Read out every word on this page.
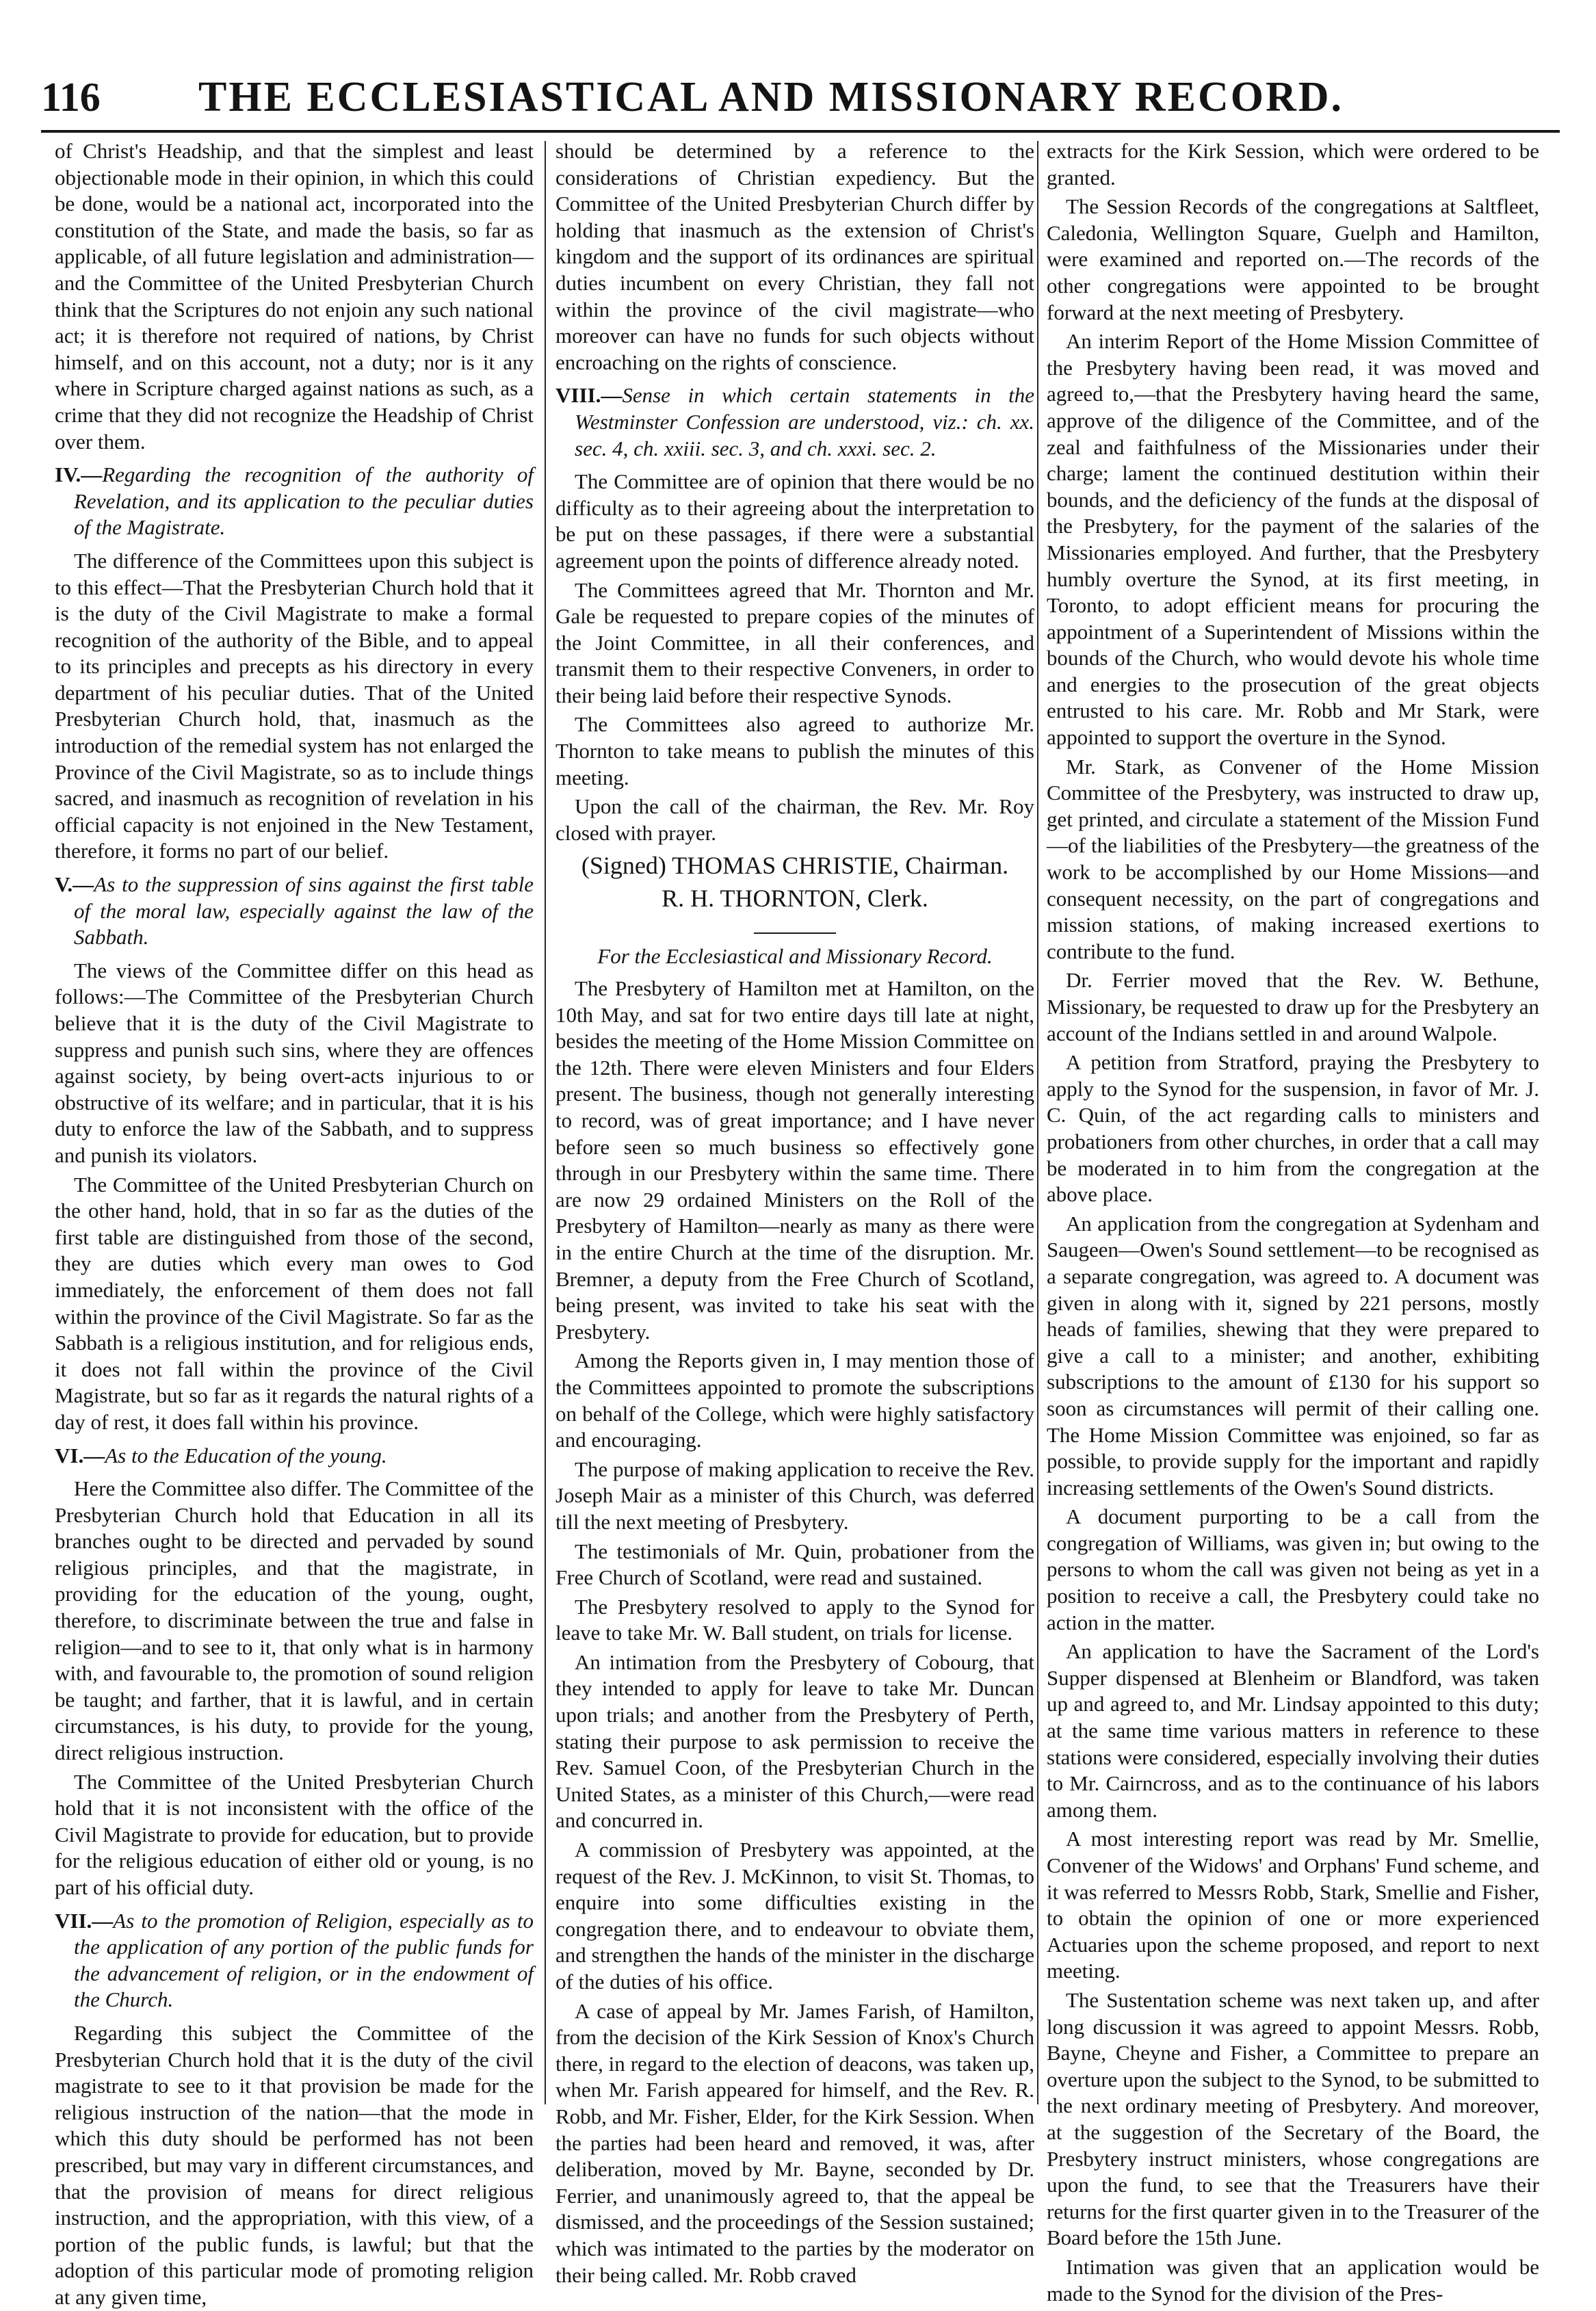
116 THE ECCLESIASTICAL AND MISSIONARY RECORD.

of Christ's Headship, and that the simplest and least objectionable mode in their opinion, in which this could be done, would be a national act, incorporated into the constitution of the State, and made the basis, so far as applicable, of all future legislation and administration—and the Committee of the United Presbyterian Church think that the Scriptures do not enjoin any such national act; it is therefore not required of nations, by Christ himself, and on this account, not a duty; nor is it any where in Scripture charged against nations as such, as a crime that they did not recognize the Headship of Christ over them.

IV.—Regarding the recognition of the authority of Revelation, and its application to the peculiar duties of the Magistrate.

The difference of the Committees upon this subject is to this effect—That the Presbyterian Church hold that it is the duty of the Civil Magistrate to make a formal recognition of the authority of the Bible, and to appeal to its principles and precepts as his directory in every department of his peculiar duties. That of the United Presbyterian Church hold, that, inasmuch as the introduction of the remedial system has not enlarged the Province of the Civil Magistrate, so as to include things sacred, and inasmuch as recognition of revelation in his official capacity is not enjoined in the New Testament, therefore, it forms no part of our belief.

V.—As to the suppression of sins against the first table of the moral law, especially against the law of the Sabbath.

The views of the Committee differ on this head as follows:—The Committee of the Presbyterian Church believe that it is the duty of the Civil Magistrate to suppress and punish such sins, where they are offences against society, by being overt-acts injurious to or obstructive of its welfare; and in particular, that it is his duty to enforce the law of the Sabbath, and to suppress and punish its violators.

The Committee of the United Presbyterian Church on the other hand, hold, that in so far as the duties of the first table are distinguished from those of the second, they are duties which every man owes to God immediately, the enforcement of them does not fall within the province of the Civil Magistrate. So far as the Sabbath is a religious institution, and for religious ends, it does not fall within the province of the Civil Magistrate, but so far as it regards the natural rights of a day of rest, it does fall within his province.

VI.—As to the Education of the young.

Here the Committee also differ. The Committee of the Presbyterian Church hold that Education in all its branches ought to be directed and pervaded by sound religious principles, and that the magistrate, in providing for the education of the young, ought, therefore, to discriminate between the true and false in religion—and to see to it, that only what is in harmony with, and favourable to, the promotion of sound religion be taught; and farther, that it is lawful, and in certain circumstances, is his duty, to provide for the young, direct religious instruction.

The Committee of the United Presbyterian Church hold that it is not inconsistent with the office of the Civil Magistrate to provide for education, but to provide for the religious education of either old or young, is no part of his official duty.

VII.—As to the promotion of Religion, especially as to the application of any portion of the public funds for the advancement of religion, or in the endowment of the Church.

Regarding this subject the Committee of the Presbyterian Church hold that it is the duty of the civil magistrate to see to it that provision be made for the religious instruction of the nation—that the mode in which this duty should be performed has not been prescribed, but may vary in different circumstances, and that the provision of means for direct religious instruction, and the appropriation, with this view, of a portion of the public funds, is lawful; but that the adoption of this particular mode of promoting religion at any given time,

should be determined by a reference to the considerations of Christian expediency. But the Committee of the United Presbyterian Church differ by holding that inasmuch as the extension of Christ's kingdom and the support of its ordinances are spiritual duties incumbent on every Christian, they fall not within the province of the civil magistrate—who moreover can have no funds for such objects without encroaching on the rights of conscience.

VIII.—Sense in which certain statements in the Westminster Confession are understood, viz.: ch. xx. sec. 4, ch. xxiii. sec. 3, and ch. xxxi. sec. 2.

The Committee are of opinion that there would be no difficulty as to their agreeing about the interpretation to be put on these passages, if there were a substantial agreement upon the points of difference already noted.

The Committees agreed that Mr. Thornton and Mr. Gale be requested to prepare copies of the minutes of the Joint Committee, in all their conferences, and transmit them to their respective Conveners, in order to their being laid before their respective Synods.

The Committees also agreed to authorize Mr. Thornton to take means to publish the minutes of this meeting.

Upon the call of the chairman, the Rev. Mr. Roy closed with prayer.

(Signed) THOMAS CHRISTIE, Chairman.

R. H. THORNTON, Clerk.

For the Ecclesiastical and Missionary Record.

The Presbytery of Hamilton met at Hamilton, on the 10th May, and sat for two entire days till late at night, besides the meeting of the Home Mission Committee on the 12th. There were eleven Ministers and four Elders present. The business, though not generally interesting to record, was of great importance; and I have never before seen so much business so effectively gone through in our Presbytery within the same time. There are now 29 ordained Ministers on the Roll of the Presbytery of Hamilton—nearly as many as there were in the entire Church at the time of the disruption. Mr. Bremner, a deputy from the Free Church of Scotland, being present, was invited to take his seat with the Presbytery.

Among the Reports given in, I may mention those of the Committees appointed to promote the subscriptions on behalf of the College, which were highly satisfactory and encouraging.

The purpose of making application to receive the Rev. Joseph Mair as a minister of this Church, was deferred till the next meeting of Presbytery.

The testimonials of Mr. Quin, probationer from the Free Church of Scotland, were read and sustained.

The Presbytery resolved to apply to the Synod for leave to take Mr. W. Ball student, on trials for license.

An intimation from the Presbytery of Cobourg, that they intended to apply for leave to take Mr. Duncan upon trials; and another from the Presbytery of Perth, stating their purpose to ask permission to receive the Rev. Samuel Coon, of the Presbyterian Church in the United States, as a minister of this Church,—were read and concurred in.

A commission of Presbytery was appointed, at the request of the Rev. J. McKinnon, to visit St. Thomas, to enquire into some difficulties existing in the congregation there, and to endeavour to obviate them, and strengthen the hands of the minister in the discharge of the duties of his office.

A case of appeal by Mr. James Farish, of Hamilton, from the decision of the Kirk Session of Knox's Church there, in regard to the election of deacons, was taken up, when Mr. Farish appeared for himself, and the Rev. R. Robb, and Mr. Fisher, Elder, for the Kirk Session. When the parties had been heard and removed, it was, after deliberation, moved by Mr. Bayne, seconded by Dr. Ferrier, and unanimously agreed to, that the appeal be dismissed, and the proceedings of the Session sustained; which was intimated to the parties by the moderator on their being called. Mr. Robb craved

extracts for the Kirk Session, which were ordered to be granted.

The Session Records of the congregations at Saltfleet, Caledonia, Wellington Square, Guelph and Hamilton, were examined and reported on.—The records of the other congregations were appointed to be brought forward at the next meeting of Presbytery.

An interim Report of the Home Mission Committee of the Presbytery having been read, it was moved and agreed to,—that the Presbytery having heard the same, approve of the diligence of the Committee, and of the zeal and faithfulness of the Missionaries under their charge; lament the continued destitution within their bounds, and the deficiency of the funds at the disposal of the Presbytery, for the payment of the salaries of the Missionaries employed. And further, that the Presbytery humbly overture the Synod, at its first meeting, in Toronto, to adopt efficient means for procuring the appointment of a Superintendent of Missions within the bounds of the Church, who would devote his whole time and energies to the prosecution of the great objects entrusted to his care. Mr. Robb and Mr Stark, were appointed to support the overture in the Synod.

Mr. Stark, as Convener of the Home Mission Committee of the Presbytery, was instructed to draw up, get printed, and circulate a statement of the Mission Fund—of the liabilities of the Presbytery—the greatness of the work to be accomplished by our Home Missions—and consequent necessity, on the part of congregations and mission stations, of making increased exertions to contribute to the fund.

Dr. Ferrier moved that the Rev. W. Bethune, Missionary, be requested to draw up for the Presbytery an account of the Indians settled in and around Walpole.

A petition from Stratford, praying the Presbytery to apply to the Synod for the suspension, in favor of Mr. J. C. Quin, of the act regarding calls to ministers and probationers from other churches, in order that a call may be moderated in to him from the congregation at the above place.

An application from the congregation at Sydenham and Saugeen—Owen's Sound settlement—to be recognised as a separate congregation, was agreed to. A document was given in along with it, signed by 221 persons, mostly heads of families, shewing that they were prepared to give a call to a minister; and another, exhibiting subscriptions to the amount of £130 for his support so soon as circumstances will permit of their calling one. The Home Mission Committee was enjoined, so far as possible, to provide supply for the important and rapidly increasing settlements of the Owen's Sound districts.

A document purporting to be a call from the congregation of Williams, was given in; but owing to the persons to whom the call was given not being as yet in a position to receive a call, the Presbytery could take no action in the matter.

An application to have the Sacrament of the Lord's Supper dispensed at Blenheim or Blandford, was taken up and agreed to, and Mr. Lindsay appointed to this duty; at the same time various matters in reference to these stations were considered, especially involving their duties to Mr. Cairncross, and as to the continuance of his labors among them.

A most interesting report was read by Mr. Smellie, Convener of the Widows' and Orphans' Fund scheme, and it was referred to Messrs Robb, Stark, Smellie and Fisher, to obtain the opinion of one or more experienced Actuaries upon the scheme proposed, and report to next meeting.

The Sustentation scheme was next taken up, and after long discussion it was agreed to appoint Messrs. Robb, Bayne, Cheyne and Fisher, a Committee to prepare an overture upon the subject to the Synod, to be submitted to the next ordinary meeting of Presbytery. And moreover, at the suggestion of the Secretary of the Board, the Presbytery instruct ministers, whose congregations are upon the fund, to see that the Treasurers have their returns for the first quarter given in to the Treasurer of the Board before the 15th June.

Intimation was given that an application would be made to the Synod for the division of the Pres-
